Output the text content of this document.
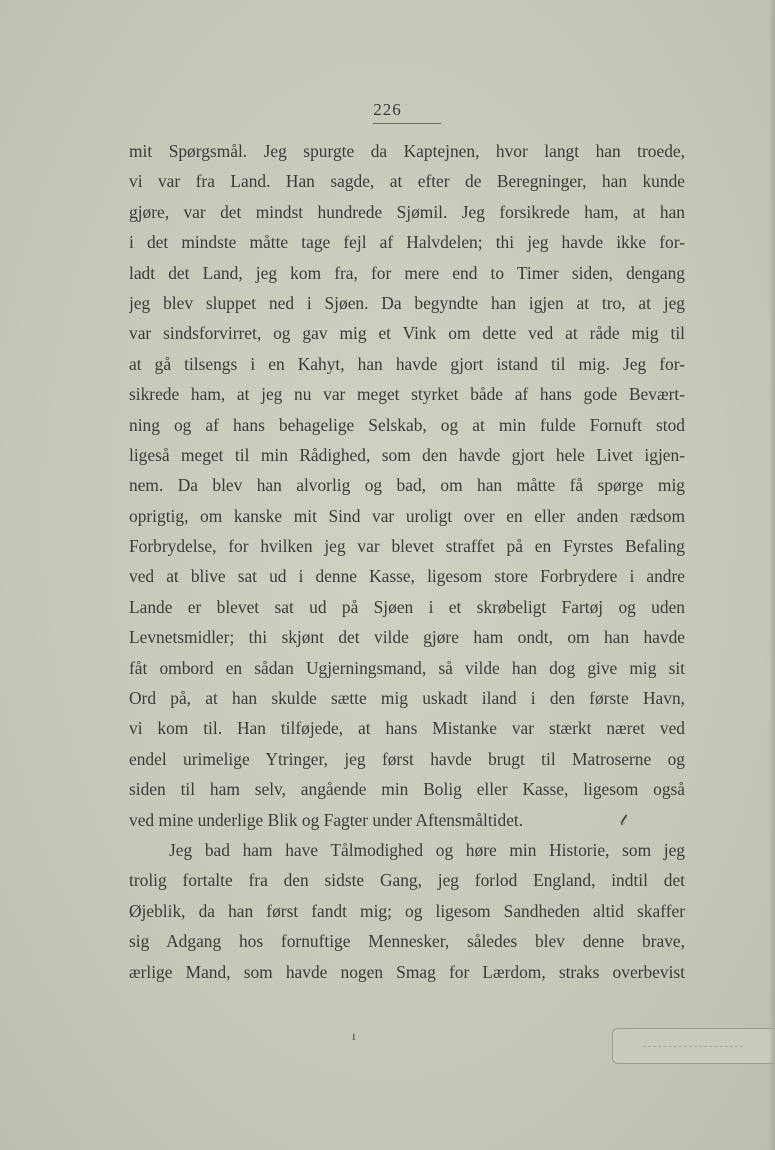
226
mit Spørgsmål. Jeg spurgte da Kaptejnen, hvor langt han troede,
vi var fra Land. Han sagde, at efter de Beregninger, han kunde
gjøre, var det mindst hundrede Sjømil. Jeg forsikrede ham, at han
i det mindste måtte tage fejl af Halvdelen; thi jeg havde ikke for-
ladt det Land, jeg kom fra, for mere end to Timer siden, dengang
jeg blev sluppet ned i Sjøen. Da begyndte han igjen at tro, at jeg
var sindsforvirret, og gav mig et Vink om dette ved at råde mig til
at gå tilsengs i en Kahyt, han havde gjort istand til mig. Jeg for-
sikrede ham, at jeg nu var meget styrket både af hans gode Bevært-
ning og af hans behagelige Selskab, og at min fulde Fornuft stod
ligeså meget til min Rådighed, som den havde gjort hele Livet igjen-
nem. Da blev han alvorlig og bad, om han måtte få spørge mig
oprigtig, om kanske mit Sind var uroligt over en eller anden rædsom
Forbrydelse, for hvilken jeg var blevet straffet på en Fyrstes Befaling
ved at blive sat ud i denne Kasse, ligesom store Forbrydere i andre
Lande er blevet sat ud på Sjøen i et skrøbeligt Fartøj og uden
Levnetsmidler; thi skjønt det vilde gjøre ham ondt, om han havde
fåt ombord en sådan Ugjerningsmand, så vilde han dog give mig sit
Ord på, at han skulde sætte mig uskadt iland i den første Havn,
vi kom til. Han tilføjede, at hans Mistanke var stærkt næret ved
endel urimelige Ytringer, jeg først havde brugt til Matroserne og
siden til ham selv, angående min Bolig eller Kasse, ligesom også
ved mine underlige Blik og Fagter under Aftensmåltidet.
Jeg bad ham have Tålmodighed og høre min Historie, som jeg
trolig fortalte fra den sidste Gang, jeg forlod England, indtil det
Øjeblik, da han først fandt mig; og ligesom Sandheden altid skaffer
sig Adgang hos fornuftige Mennesker, således blev denne brave,
ærlige Mand, som havde nogen Smag for Lærdom, straks overbevist
𝓉
ı
